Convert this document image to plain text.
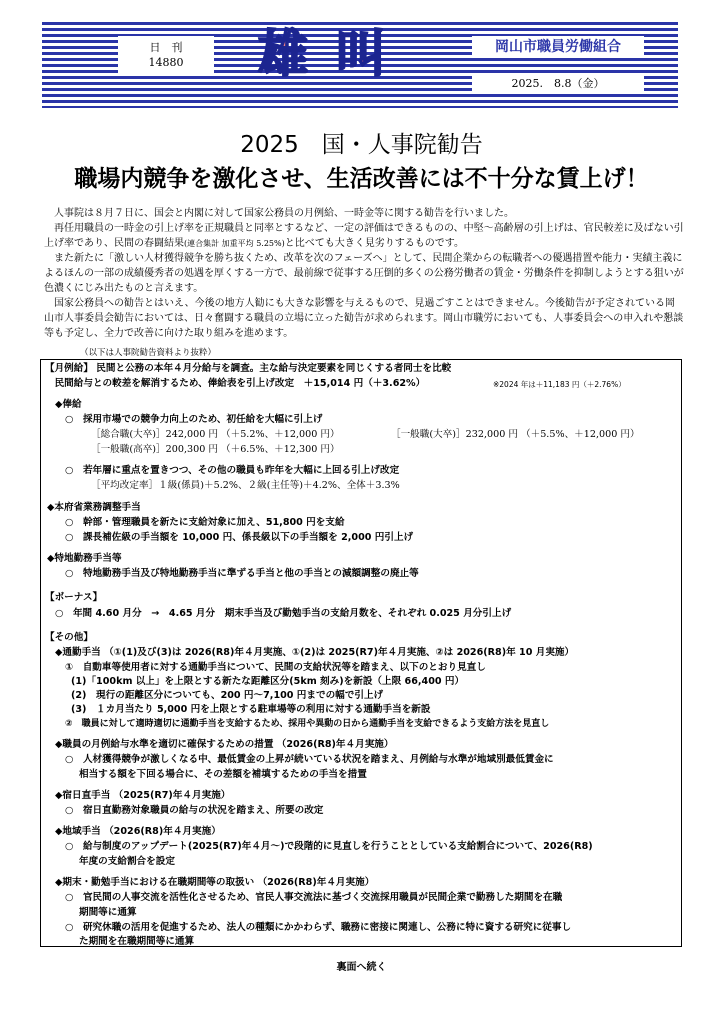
日　刊
14880	雄叫	岡山市職員労働組合
2025.　8.8（金）
2025　国・人事院勧告
職場内競争を激化させ、生活改善には不十分な賃上げ！

人事院は８月７日に、国会と内閣に対して国家公務員の月例給、一時金等に関する勧告を行いました。

再任用職員の一時金の引上げ率を正規職員と同率とするなど、一定の評価はできるものの、中堅～高齢層の引上げは、官民較差に及ばない引上げ率であり、民間の春闘結果(連合集計 加重平均 5.25%)と比べても大きく見劣りするものです。

また新たに「激しい人材獲得競争を勝ち抜くため、改革を次のフェーズへ」として、民間企業からの転職者への優遇措置や能力・実績主義によるほんの一部の成績優秀者の処遇を厚くする一方で、最前線で従事する圧倒的多くの公務労働者の賃金・労働条件を抑制しようとする狙いが色濃くにじみ出たものと言えます。

国家公務員への勧告とはいえ、今後の地方人勧にも大きな影響を与えるもので、見過ごすことはできません。今後勧告が予定されている岡山市人事委員会勧告においては、日々奮闘する職員の立場に立った勧告が求められます。岡山市職労においても、人事委員会への申入れや懇談等も予定し、全力で改善に向けた取り組みを進めます。

（以下は人事院勧告資料より抜粋）
【月例給】 民間と公務の本年４月分給与を調査。主な給与決定要素を同じくする者同士を比較
　民間給与との較差を解消するため、俸給表を引上げ改定　＋15,014 円（＋3.62%）	※2024 年は＋11,183 円（＋2.76%）
◆俸給
○　採用市場での競争力向上のため、初任給を大幅に引上げ
［総合職(大卒)］242,000 円 （＋5.2%、＋12,000 円）	［一般職(大卒)］232,000 円 （＋5.5%、＋12,000 円）
［一般職(高卒)］200,300 円 （＋6.5%、＋12,300 円）
○　若年層に重点を置きつつ、その他の職員も昨年を大幅に上回る引上げ改定
［平均改定率］１級(係員)＋5.2%、２級(主任等)＋4.2%、全体＋3.3%
◆本府省業務調整手当
○　幹部・管理職員を新たに支給対象に加え、51,800 円を支給
○　課長補佐級の手当額を 10,000 円、係長級以下の手当額を 2,000 円引上げ
◆特地勤務手当等
○　特地勤務手当及び特地勤務手当に準ずる手当と他の手当との減額調整の廃止等
【ボーナス】
○　年間 4.60 月分　→　4.65 月分　期末手当及び勤勉手当の支給月数を、それぞれ 0.025 月分引上げ
【その他】
◆通勤手当 （①(1)及び(3)は 2026(R8)年４月実施、①(2)は 2025(R7)年４月実施、②は 2026(R8)年 10 月実施）
①　自動車等使用者に対する通勤手当について、民間の支給状況等を踏まえ、以下のとおり見直し
(1)「100km 以上」を上限とする新たな距離区分(5km 刻み)を新設（上限 66,400 円）
(2)　現行の距離区分についても、200 円～7,100 円までの幅で引上げ
(3)　１カ月当たり 5,000 円を上限とする駐車場等の利用に対する通勤手当を新設
②　職員に対して適時適切に通勤手当を支給するため、採用や異動の日から通勤手当を支給できるよう支給方法を見直し
◆職員の月例給与水準を適切に確保するための措置 （2026(R8)年４月実施）
○　人材獲得競争が激しくなる中、最低賃金の上昇が続いている状況を踏まえ、月例給与水準が地域別最低賃金に
相当する額を下回る場合に、その差額を補填するための手当を措置
◆宿日直手当 （2025(R7)年４月実施）
○　宿日直勤務対象職員の給与の状況を踏まえ、所要の改定
◆地域手当 （2026(R8)年４月実施）
○　給与制度のアップデート(2025(R7)年４月～)で段階的に見直しを行うこととしている支給割合について、2026(R8)
年度の支給割合を設定
◆期末・勤勉手当における在職期間等の取扱い （2026(R8)年４月実施）
○　官民間の人事交流を活性化させるため、官民人事交流法に基づく交流採用職員が民間企業で勤務した期間を在職
期間等に通算
○　研究休職の活用を促進するため、法人の種類にかかわらず、職務に密接に関連し、公務に特に資する研究に従事し
た期間を在職期間等に通算
裏面へ続く
